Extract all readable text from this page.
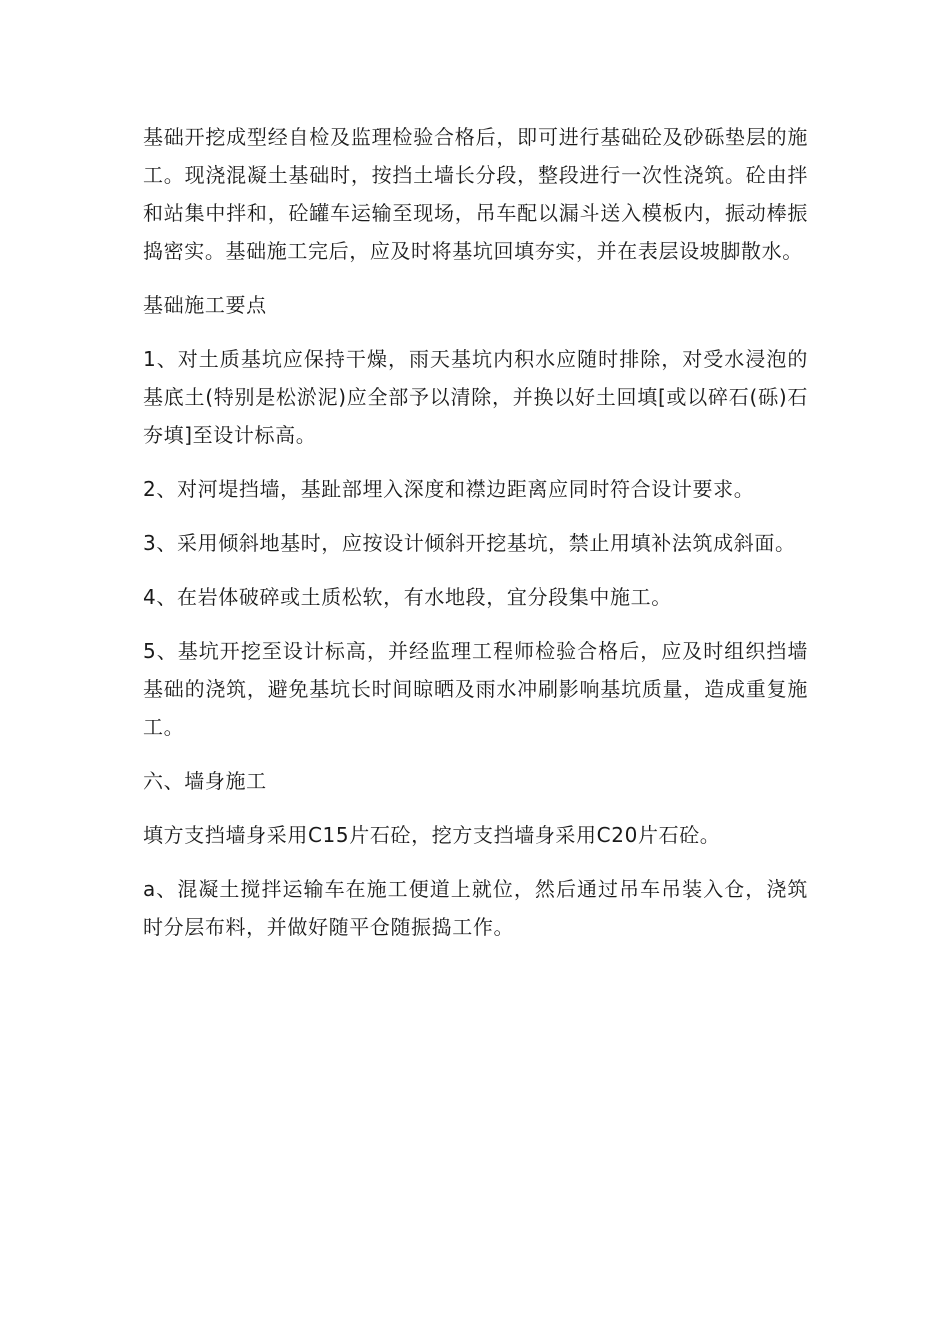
基础开挖成型经自检及监理检验合格后，即可进行基础砼及砂砾垫层的施工。现浇混凝土基础时，按挡土墙长分段，整段进行一次性浇筑。砼由拌和站集中拌和，砼罐车运输至现场，吊车配以漏斗送入模板内，振动棒振捣密实。基础施工完后，应及时将基坑回填夯实，并在表层设坡脚散水。

基础施工要点

1、对土质基坑应保持干燥，雨天基坑内积水应随时排除，对受水浸泡的基底土(特别是松淤泥)应全部予以清除，并换以好土回填[或以碎石(砾)石夯填]至设计标高。

2、对河堤挡墙，基趾部埋入深度和襟边距离应同时符合设计要求。

3、采用倾斜地基时，应按设计倾斜开挖基坑，禁止用填补法筑成斜面。

4、在岩体破碎或土质松软，有水地段，宜分段集中施工。

5、基坑开挖至设计标高，并经监理工程师检验合格后，应及时组织挡墙基础的浇筑，避免基坑长时间晾晒及雨水冲刷影响基坑质量，造成重复施工。

六、墙身施工

填方支挡墙身采用C15片石砼，挖方支挡墙身采用C20片石砼。

a、混凝土搅拌运输车在施工便道上就位，然后通过吊车吊装入仓，浇筑时分层布料，并做好随平仓随振捣工作。
